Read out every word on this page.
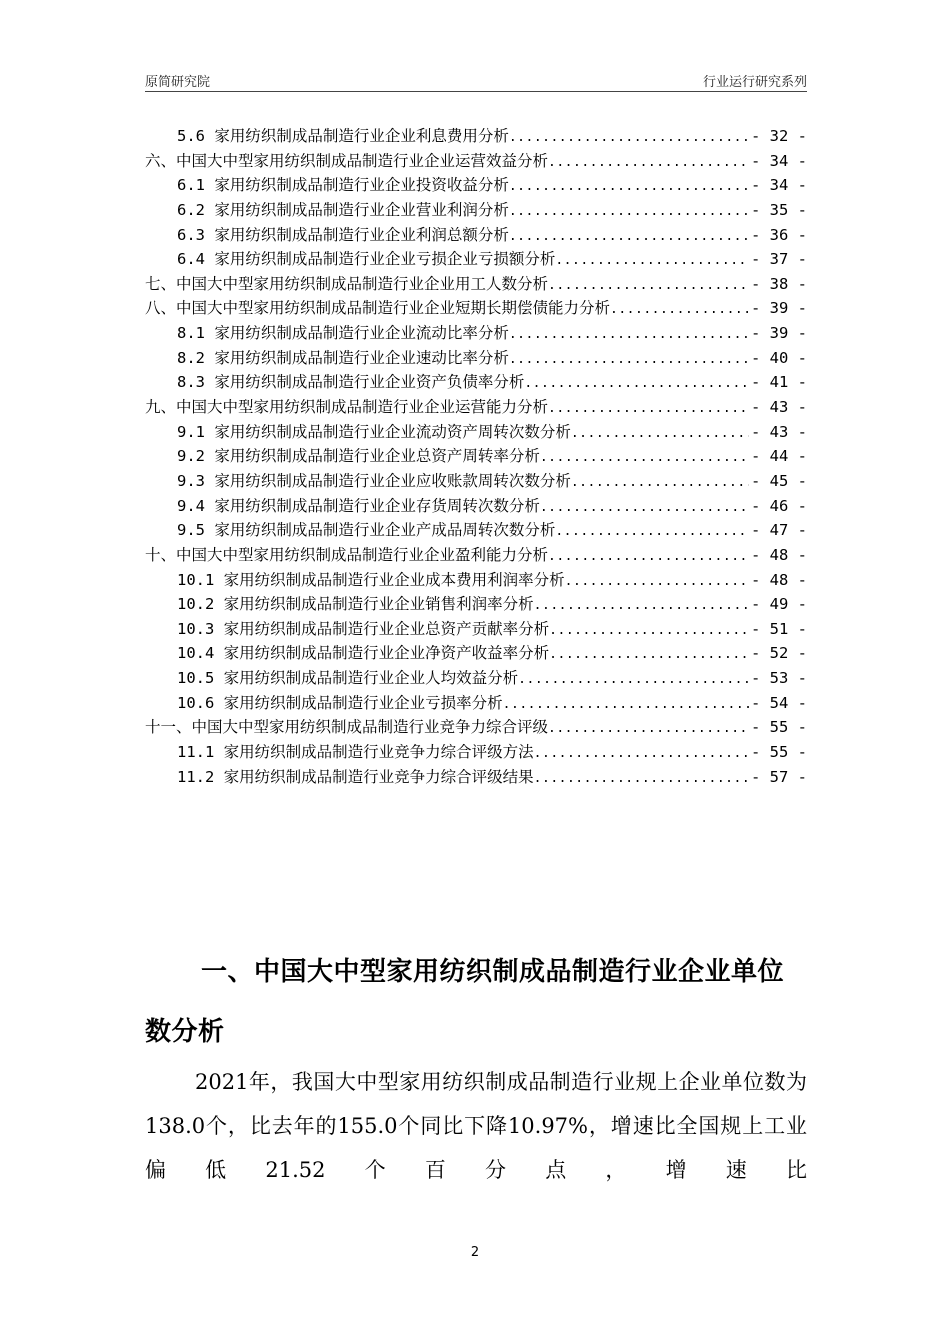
原简研究院	行业运行研究系列
5.6 家用纺织制成品制造行业企业利息费用分析 .....	- 32 -
六、中国大中型家用纺织制成品制造行业企业运营效益分析 .....	- 34 -
6.1 家用纺织制成品制造行业企业投资收益分析 .....	- 34 -
6.2 家用纺织制成品制造行业企业营业利润分析 .....	- 35 -
6.3 家用纺织制成品制造行业企业利润总额分析 .....	- 36 -
6.4 家用纺织制成品制造行业企业亏损企业亏损额分析 .....	- 37 -
七、中国大中型家用纺织制成品制造行业企业用工人数分析 .....	- 38 -
八、中国大中型家用纺织制成品制造行业企业短期长期偿债能力分析 .....	- 39 -
8.1 家用纺织制成品制造行业企业流动比率分析 .....	- 39 -
8.2 家用纺织制成品制造行业企业速动比率分析 .....	- 40 -
8.3 家用纺织制成品制造行业企业资产负债率分析 .....	- 41 -
九、中国大中型家用纺织制成品制造行业企业运营能力分析 .....	- 43 -
9.1 家用纺织制成品制造行业企业流动资产周转次数分析 .....	- 43 -
9.2 家用纺织制成品制造行业企业总资产周转率分析 .....	- 44 -
9.3 家用纺织制成品制造行业企业应收账款周转次数分析 .....	- 45 -
9.4 家用纺织制成品制造行业企业存货周转次数分析 .....	- 46 -
9.5 家用纺织制成品制造行业企业产成品周转次数分析 .....	- 47 -
十、中国大中型家用纺织制成品制造行业企业盈利能力分析 .....	- 48 -
10.1 家用纺织制成品制造行业企业成本费用利润率分析 .....	- 48 -
10.2 家用纺织制成品制造行业企业销售利润率分析 .....	- 49 -
10.3 家用纺织制成品制造行业企业总资产贡献率分析 .....	- 51 -
10.4 家用纺织制成品制造行业企业净资产收益率分析 .....	- 52 -
10.5 家用纺织制成品制造行业企业人均效益分析 .....	- 53 -
10.6 家用纺织制成品制造行业企业亏损率分析 .....	- 54 -
十一、中国大中型家用纺织制成品制造行业竞争力综合评级 .....	- 55 -
11.1 家用纺织制成品制造行业竞争力综合评级方法 .....	- 55 -
11.2 家用纺织制成品制造行业竞争力综合评级结果 .....	- 57 -
一、中国大中型家用纺织制成品制造行业企业单位数分析
2021年，我国大中型家用纺织制成品制造行业规上企业单位数为138.0个，比去年的155.0个同比下降10.97%，增速比全国规上工业偏低21.52个百分点，增速比
2
